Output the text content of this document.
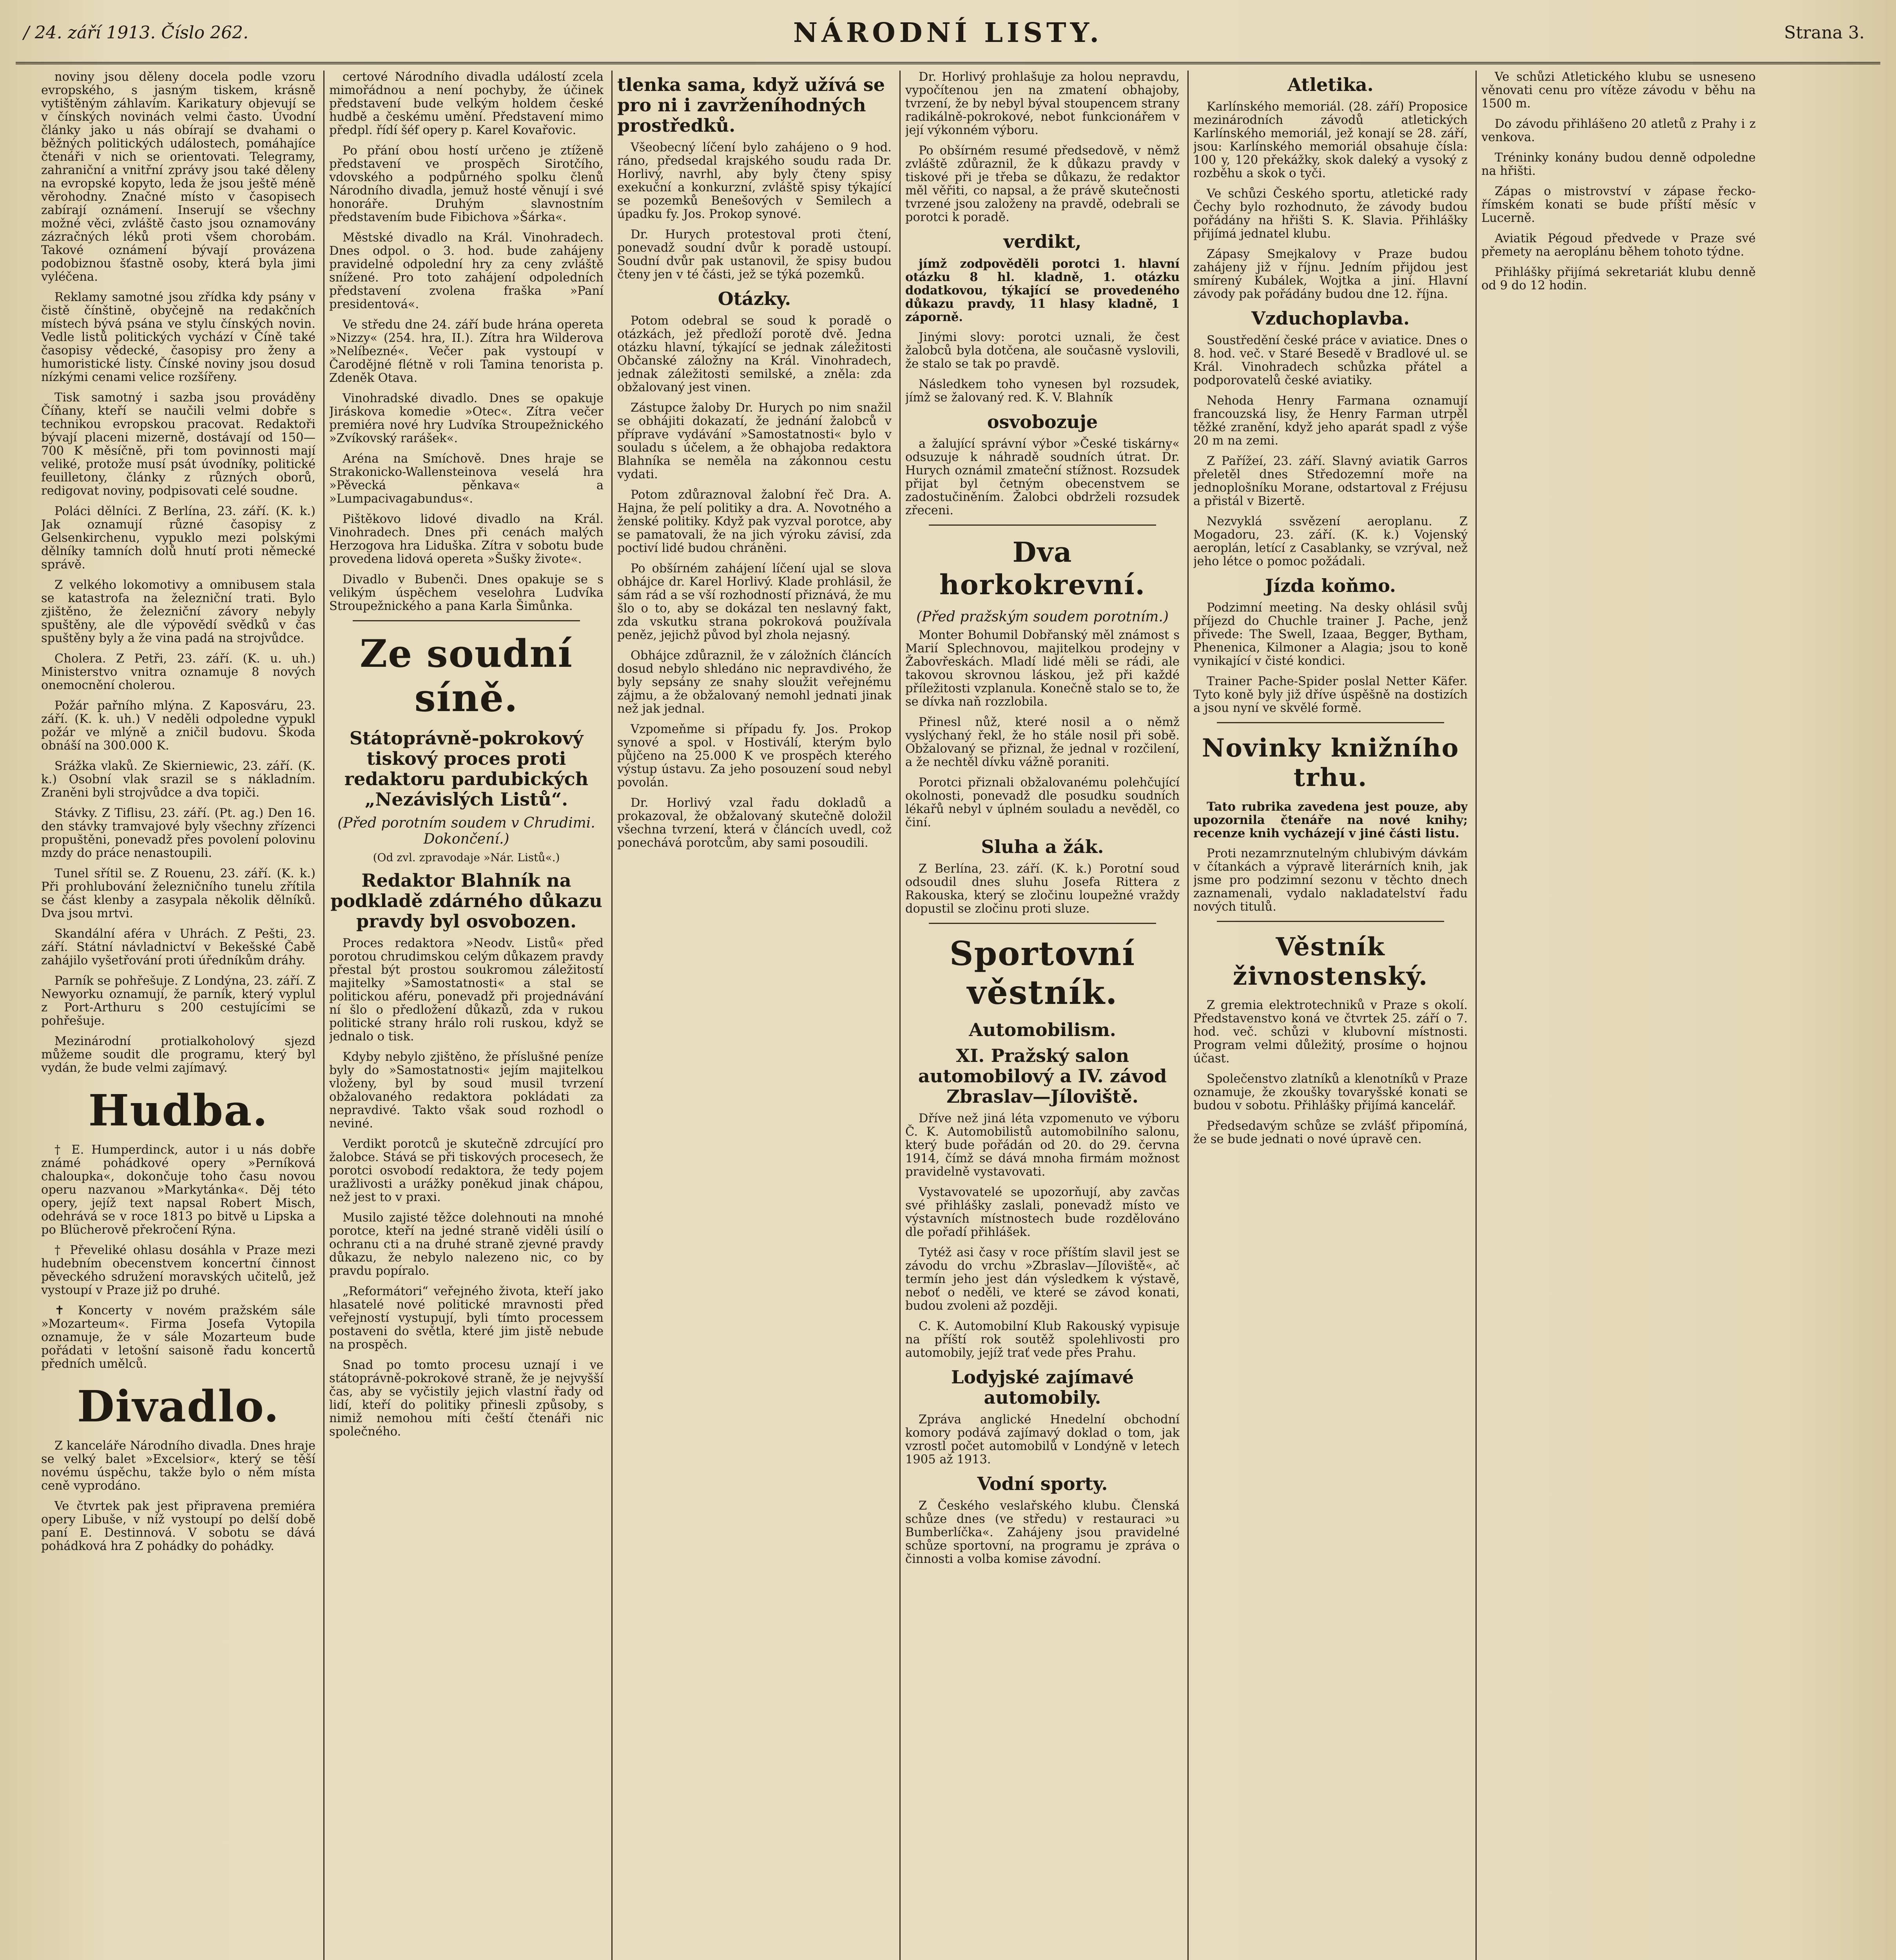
/ 24. září 1913. Číslo 262.	NÁRODNÍ LISTY.	Strana 3.

noviny jsou děleny docela podle vzoru evropského, s jasným tiskem, krásně vytištěným záhlavím. Karikatury objevují se v čínských novinách velmi často. Úvodní články jako u nás obírají se dvahami o běžných politických událostech, pomáhajíce čtenáři v nich se orientovati. Telegramy, zahraniční a vnitřní zprávy jsou také děleny na evropské kopyto, leda že jsou ještě méně věrohodny. Značné místo v časopisech zabírají oznámení. Inserují se všechny možné věci, zvláště často jsou oznamovány zázračných léků proti všem chorobám. Takové oznámení bývají provázena podobiznou šťastně osoby, která byla jimi vyléčena.

Reklamy samotné jsou zřídka kdy psány v čistě čínštině, obyčejně na redakčních místech bývá psána ve stylu čínských novin. Vedle listů politických vychází v Číně také časopisy vědecké, časopisy pro ženy a humoristické listy. Čínské noviny jsou dosud nízkými cenami velice rozšířeny.

Tisk samotný i sazba jsou prováděny Číňany, kteří se naučili velmi dobře s technikou evropskou pracovat. Redaktoři bývají placeni mizerně, dostávají od 150—700 K měsíčně, při tom povinnosti mají veliké, protože musí psát úvodníky, politické feuilletony, články z různých oborů, redigovat noviny, podpisovati celé soudne.

Poláci dělníci. Z Berlína, 23. září. (K. k.) Jak oznamují různé časopisy z Gelsenkirchenu, vypuklo mezi polskými dělníky tamních dolů hnutí proti německé správě.

Z velkého lokomotivy a omnibusem stala se katastrofa na železniční trati. Bylo zjištěno, že železniční závory nebyly spuštěny, ale dle výpovědí svědků v čas spuštěny byly a že vina padá na strojvůdce.

Cholera. Z Petři, 23. září. (K. u. uh.) Ministerstvo vnitra oznamuje 8 nových onemocnění cholerou.

Požár pařního mlýna. Z Kaposváru, 23. září. (K. k. uh.) V neděli odpoledne vypukl požár ve mlýně a zničil budovu. Škoda obnáší na 300.000 K.

Srážka vlaků. Ze Skierniewic, 23. září. (K. k.) Osobní vlak srazil se s nákladním. Zraněni byli strojvůdce a dva topiči.

Stávky. Z Tiflisu, 23. září. (Pt. ag.) Den 16. den stávky tramvajové byly všechny zřízenci propuštěni, ponevadž přes povolení polovinu mzdy do práce nenastoupili.

Tunel sřítil se. Z Rouenu, 23. září. (K. k.) Při prohlubování železničního tunelu zřítila se část klenby a zasypala několik dělníků. Dva jsou mrtvi.

Skandální aféra v Uhrách. Z Pešti, 23. září. Státní návladnictví v Bekešské Čabě zahájilo vyšetřování proti úředníkům dráhy.

Parník se pohřešuje. Z Londýna, 23. září. Z Newyorku oznamují, že parník, který vyplul z Port-Arthuru s 200 cestujícími se pohřešuje.

Mezinárodní protialkoholový sjezd můžeme soudit dle programu, který byl vydán, že bude velmi zajímavý.

Hudba.

† E. Humperdinck, autor i u nás dobře známé pohádkové opery »Perníková chaloupka«, dokončuje toho času novou operu nazvanou »Markytánka«. Děj této opery, jejíž text napsal Robert Misch, odehrává se v roce 1813 po bitvě u Lipska a po Blücherově překročení Rýna.

† Převeliké ohlasu dosáhla v Praze mezi hudebním obecenstvem koncertní činnost pěveckého sdružení moravských učitelů, jež vystoupí v Praze již po druhé.

✝ Koncerty v novém pražském sále »Mozarteum«. Firma Josefa Vytopila oznamuje, že v sále Mozarteum bude pořádati v letošní saisoně řadu koncertů předních umělců.

Divadlo.

Z kanceláře Národního divadla. Dnes hraje se velký balet »Excelsior«, který se těší novému úspěchu, takže bylo o něm místa ceně vyprodáno.

Ve čtvrtek pak jest připravena premiéra opery Libuše, v níž vystoupí po delší době paní E. Destinnová. V sobotu se dává pohádková hra Z pohádky do pohádky.

certové Národního divadla událostí zcela mimořádnou a není pochyby, že účinek představení bude velkým holdem české hudbě a českému umění. Představení mimo předpl. řídí šéf opery p. Karel Kovařovic.

Po přání obou hostí určeno je ztíženě představení ve prospěch Sirotčího, vdovského a podpůrného spolku členů Národního divadla, jemuž hosté věnují i své honoráře. Druhým slavnostním představením bude Fibichova »Šárka«.

Městské divadlo na Král. Vinohradech. Dnes odpol. o 3. hod. bude zahájeny pravidelné odpolední hry za ceny zvláště snížené. Pro toto zahájení odpoledních představení zvolena fraška »Paní presidentová«.

Ve středu dne 24. září bude hrána opereta »Nizzy« (254. hra, II.). Zítra hra Wilderova »Nelíbezné«. Večer pak vystoupí v Čarodějné flétně v roli Tamina tenorista p. Zdeněk Otava.

Vinohradské divadlo. Dnes se opakuje Jiráskova komedie »Otec«. Zítra večer premiéra nové hry Ludvíka Stroupežnického »Zvíkovský rarášek«.

Aréna na Smíchově. Dnes hraje se Strakonicko-Wallensteinova veselá hra »Pěvecká pěnkava« a »Lumpacivagabundus«.

Pištěkovo lidové divadlo na Král. Vinohradech. Dnes při cenách malých Herzogova hra Liduška. Zítra v sobotu bude provedena lidová opereta »Šušky živote«.

Divadlo v Bubenči. Dnes opakuje se s velikým úspěchem veselohra Ludvíka Stroupežnického a pana Karla Šimůnka.

Ze soudní síně.
Státoprávně-pokrokový tiskový proces proti redaktoru pardubických „Nezávislých Listů“.
(Před porotním soudem v Chrudimi. Dokončení.)
(Od zvl. zpravodaje »Nár. Listů«.)
Redaktor Blahník na podkladě zdárného důkazu pravdy byl osvobozen.

Proces redaktora »Neodv. Listů« před porotou chrudimskou celým důkazem pravdy přestal být prostou soukromou záležitostí majitelky »Samostatnosti« a stal se politickou aféru, ponevadž při projednávání ní šlo o předložení důkazů, zda v rukou politické strany hrálo roli ruskou, když se jednalo o tisk.

Kdyby nebylo zjištěno, že příslušné peníze byly do »Samostatnosti« jejím majitelkou vloženy, byl by soud musil tvrzení obžalovaného redaktora pokládati za nepravdivé. Takto však soud rozhodl o neviné.

Verdikt porotců je skutečně zdrcující pro žalobce. Stává se při tiskových procesech, že porotci osvobodí redaktora, že tedy pojem uražlivosti a urážky poněkud jinak chápou, než jest to v praxi.

Musilo zajisté těžce dolehnouti na mnohé porotce, kteří na jedné straně viděli úsilí o ochranu cti a na druhé straně zjevné pravdy důkazu, že nebylo nalezeno nic, co by pravdu popíralo.

„Reformátori“ veřejného života, kteří jako hlasatelé nové politické mravnosti před veřejností vystupují, byli tímto processem postaveni do světla, které jim jistě nebude na prospěch.

Snad po tomto procesu uznají i ve státoprávně-pokrokové straně, že je nejvyšší čas, aby se vyčistily jejich vlastní řady od lidí, kteří do politiky přinesli způsoby, s nimiž nemohou míti čeští čtenáři nic společného.

tlenka sama, když užívá se pro ni i zavrženíhodných prostředků.

Všeobecný líčení bylo zahájeno o 9 hod. ráno, předsedal krajského soudu rada Dr. Horlivý, navrhl, aby byly čteny spisy exekuční a konkurzní, zvláště spisy týkající se pozemků Benešových v Semilech a úpadku fy. Jos. Prokop synové.

Dr. Hurych protestoval proti čtení, ponevadž soudní dvůr k poradě ustoupí. Soudní dvůr pak ustanovil, že spisy budou čteny jen v té části, jež se týká pozemků.

Otázky.

Potom odebral se soud k poradě o otázkách, jež předloží porotě dvě. Jedna otázku hlavní, týkající se jednak záležitosti Občanské záložny na Král. Vinohradech, jednak záležitosti semilské, a zněla: zda obžalovaný jest vinen.

Zástupce žaloby Dr. Hurych po nim snažil se obhájiti dokazatí, že jednání žalobců v příprave vydávání »Samostatnosti« bylo v souladu s účelem, a že obhajoba redaktora Blahníka se neměla na zákonnou cestu vydati.

Potom zdůraznoval žalobní řeč Dra. A. Hajna, že pelí politiky a dra. A. Novotného a ženské politiky. Když pak vyzval porotce, aby se pamatovali, že na jich výroku závisí, zda poctiví lidé budou chráněni.

Po obšírném zahájení líčení ujal se slova obhájce dr. Karel Horlivý. Klade prohlásil, že sám rád a se vší rozhodností přiznává, že mu šlo o to, aby se dokázal ten neslavný fakt, zda vskutku strana pokroková používala peněz, jejichž původ byl zhola nejasný.

Obhájce zdůraznil, že v záložních článcích dosud nebylo shledáno nic nepravdivého, že byly sepsány ze snahy sloužit veřejnému zájmu, a že obžalovaný nemohl jednati jinak než jak jednal.

Vzpomeňme si případu fy. Jos. Prokop synové a spol. v Hostiválí, kterým bylo půjčeno na 25.000 K ve prospěch kterého výstup ústavu. Za jeho posouzení soud nebyl povolán.

Dr. Horlivý vzal řadu dokladů a prokazoval, že obžalovaný skutečně doložil všechna tvrzení, která v článcích uvedl, což ponechává porotcům, aby sami posoudili.

Dr. Horlivý prohlašuje za holou nepravdu, vypočítenou jen na zmatení obhajoby, tvrzení, že by nebyl býval stoupencem strany radikálně-pokrokové, nebot funkcionářem v její výkonném výboru.

Po obšírném resumé předsedově, v němž zvláště zdůraznil, že k důkazu pravdy v tiskové při je třeba se důkazu, že redaktor měl věřiti, co napsal, a že právě skutečnosti tvrzené jsou založeny na pravdě, odebrali se porotci k poradě.

verdikt,

jímž zodpověděli porotci 1. hlavní otázku 8 hl. kladně, 1. otázku dodatkovou, týkající se provedeného důkazu pravdy, 11 hlasy kladně, 1 záporně.

Jinými slovy: porotci uznali, že čest žalobců byla dotčena, ale současně vyslovili, že stalo se tak po pravdě.

Následkem toho vynesen byl rozsudek, jímž se žalovaný red. K. V. Blahník

osvobozuje

a žalující správní výbor »České tiskárny« odsuzuje k náhradě soudních útrat. Dr. Hurych oznámil zmateční stížnost. Rozsudek přijat byl četným obecenstvem se zadostučiněním. Žalobci obdrželi rozsudek zřeceni.

Dva horkokrevní.
(Před pražským soudem porotním.)

Monter Bohumil Dobřanský měl známost s Marií Splechnovou, majitelkou prodejny v Žabovřeskách. Mladí lidé měli se rádi, ale takovou skrovnou láskou, jež při každé příležitosti vzplanula. Konečně stalo se to, že se dívka naň rozzlobila.

Přinesl nůž, které nosil a o němž vyslýchaný řekl, že ho stále nosil při sobě. Obžalovaný se přiznal, že jednal v rozčilení, a že nechtěl dívku vážně poraniti.

Porotci přiznali obžalovanému polehčující okolnosti, ponevadž dle posudku soudních lékařů nebyl v úplném souladu a nevěděl, co činí.

Sluha a žák.

Z Berlína, 23. září. (K. k.) Porotní soud odsoudil dnes sluhu Josefa Rittera z Rakouska, který se zločinu loupežné vraždy dopustil se zločinu proti sluze.

Sportovní věstník.
Automobilism.
XI. Pražský salon automobilový a IV. závod Zbraslav—Jíloviště.

Dříve než jiná léta vzpomenuto ve výboru Č. K. Automobilistů automobilního salonu, který bude pořádán od 20. do 29. června 1914, čímž se dává mnoha firmám možnost pravidelně vystavovati.

Vystavovatelé se upozorňují, aby zavčas své přihlášky zaslali, ponevadž místo ve výstavních místnostech bude rozdělováno dle pořadí přihlášek.

Tytéž asi časy v roce příštím slavil jest se závodu do vrchu »Zbraslav—Jíloviště«, ač termín jeho jest dán výsledkem k výstavě, neboť o neděli, ve které se závod konati, budou zvoleni až později.

C. K. Automobilní Klub Rakouský vypisuje na příští rok soutěž spolehlivosti pro automobily, jejíž trať vede přes Prahu.

Lodyjské zajímavé automobily.

Zpráva anglické Hnedelní obchodní komory podává zajímavý doklad o tom, jak vzrostl počet automobilů v Londýně v letech 1905 až 1913.

Vodní sporty.

Z Českého veslařského klubu. Členská schůze dnes (ve středu) v restauraci »u Bumberlíčka«. Zahájeny jsou pravidelné schůze sportovní, na programu je zpráva o činnosti a volba komise závodní.

Atletika.

Karlínského memoriál. (28. září) Proposice mezinárodních závodů atletických Karlínského memoriál, jež konají se 28. září, jsou: Karlínského memoriál obsahuje čísla: 100 y, 120 překážky, skok daleký a vysoký z rozběhu a skok o tyči.

Ve schůzi Českého sportu, atletické rady Čechy bylo rozhodnuto, že závody budou pořádány na hřišti S. K. Slavia. Přihlášky přijímá jednatel klubu.

Zápasy Smejkalovy v Praze budou zahájeny již v říjnu. Jedním přijdou jest smírený Kubálek, Wojtka a jiní. Hlavní závody pak pořádány budou dne 12. října.

Vzduchoplavba.

Soustředění české práce v aviatice. Dnes o 8. hod. več. v Staré Besedě v Bradlové ul. se Král. Vinohradech schůzka přátel a podporovatelů české aviatiky.

Nehoda Henry Farmana oznamují francouzská lisy, že Henry Farman utrpěl těžké zranění, když jeho aparát spadl z výše 20 m na zemi.

Z Pařížeí, 23. září. Slavný aviatik Garros přeletěl dnes Středozemní moře na jednoplošníku Morane, odstartoval z Fréjusu a přistál v Bizertě.

Nezvyklá ssvězení aeroplanu. Z Mogadoru, 23. září. (K. k.) Vojenský aeroplán, letící z Casablanky, se vzrýval, než jeho létce o pomoc požádali.

Jízda koňmo.

Podzimní meeting. Na desky ohlásil svůj příjezd do Chuchle trainer J. Pache, jenž přivede: The Swell, Izaaa, Begger, Bytham, Phenenica, Kilmoner a Alagia; jsou to koně vynikající v čisté kondici.

Trainer Pache-Spider poslal Netter Käfer. Tyto koně byly již dříve úspěšně na dostizích a jsou nyní ve skvělé formě.

Novinky knižního trhu.

Tato rubrika zavedena jest pouze, aby upozornila čtenáře na nové knihy; recenze knih vycházejí v jiné části listu.

Proti nezamrznutelným chlubivým dávkám v čítankách a výpravě literárních knih, jak jsme pro podzimní sezonu v těchto dnech zaznamenali, vydalo nakladatelství řadu nových titulů.

Věstník živnostenský.

Z gremia elektrotechniků v Praze s okolí. Představenstvo koná ve čtvrtek 25. září o 7. hod. več. schůzi v klubovní místnosti. Program velmi důležitý, prosíme o hojnou účast.

Společenstvo zlatníků a klenotníků v Praze oznamuje, že zkoušky tovaryšské konati se budou v sobotu. Přihlášky přijímá kancelář.

Předsedavým schůze se zvlášť připomíná, že se bude jednati o nové úpravě cen.

Ve schůzi Atletického klubu se usneseno věnovati cenu pro vítěze závodu v běhu na 1500 m.

Do závodu přihlášeno 20 atletů z Prahy i z venkova.

Tréninky konány budou denně odpoledne na hřišti.

Zápas o mistrovství v zápase řecko-římském konati se bude příští měsíc v Lucerně.

Aviatik Pégoud předvede v Praze své přemety na aeroplánu během tohoto týdne.

Přihlášky přijímá sekretariát klubu denně od 9 do 12 hodin.
